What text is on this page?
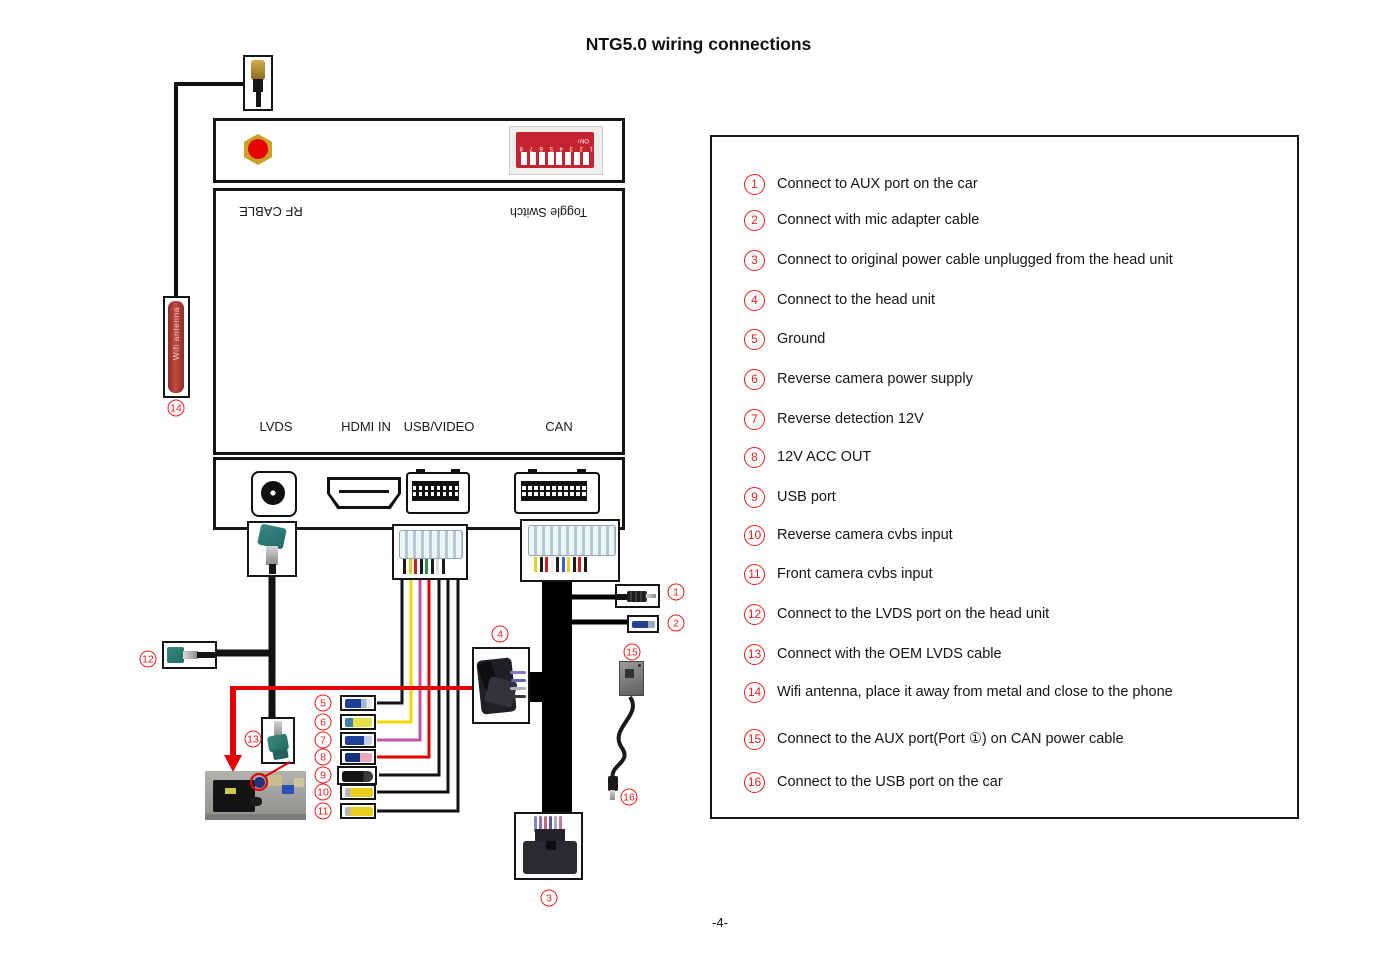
NTG5.0 wiring connections
Wifi antenna
1 2 3 4 5 6 7 8
ON↑
RF CABLE	Toggle Switch
LVDS	HDMI IN USB/VIDEO	CAN
1
2
3
4
5
6
7
8
9
10
11
12
13
14
15
16
1	Connect to AUX port on the car
2	Connect with mic adapter cable
3	Connect to original power cable unplugged from the head unit
4	Connect to the head unit
5	Ground
6	Reverse camera power supply
7	Reverse detection 12V
8	12V ACC OUT
9	USB port
10 Reverse camera cvbs input
11 Front camera cvbs input
12 Connect to the LVDS port on the head unit
13 Connect with the OEM LVDS cable
14 Wifi antenna, place it away from metal and close to the phone
15 Connect to the AUX port(Port ①) on CAN power cable
16 Connect to the USB port on the car
-4-
